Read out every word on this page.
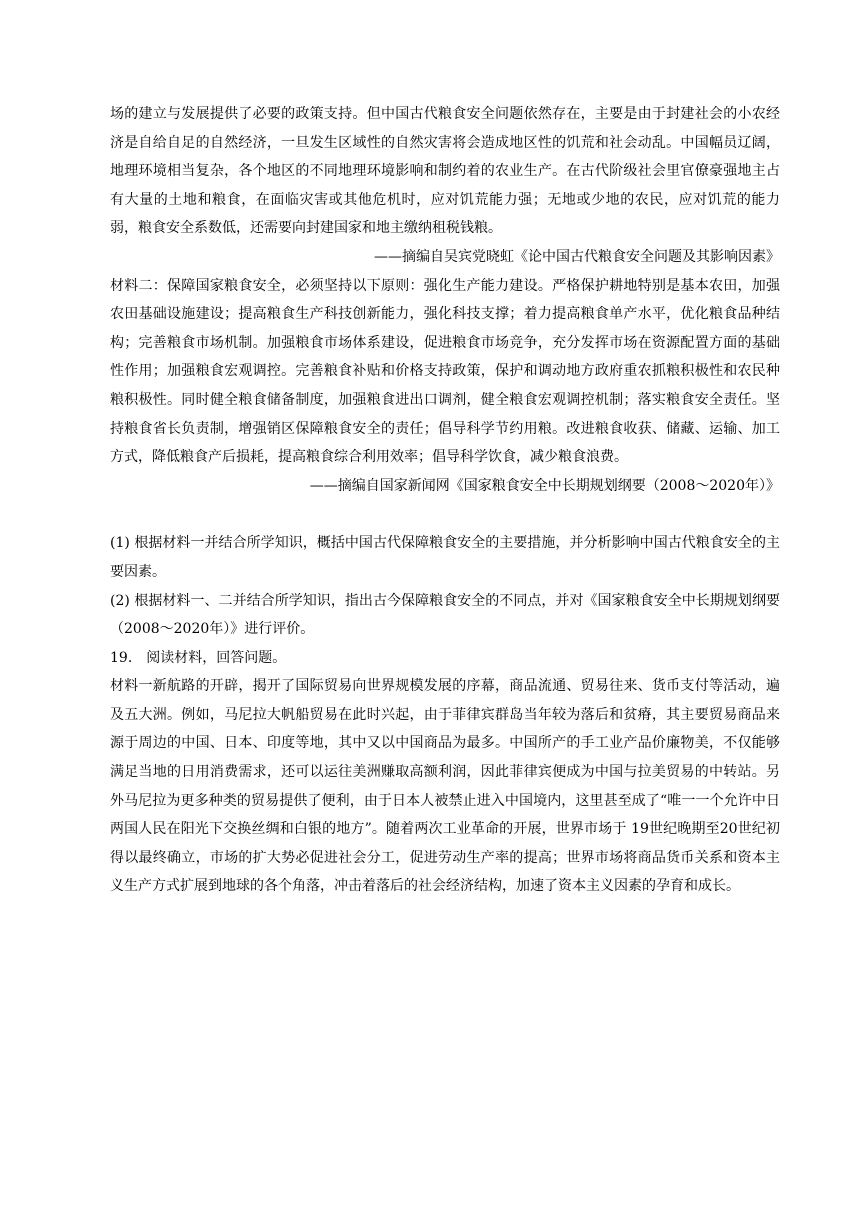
场的建立与发展提供了必要的政策支持。但中国古代粮食安全问题依然存在，主要是由于封建社会的小农经济是自给自足的自然经济，一旦发生区域性的自然灾害将会造成地区性的饥荒和社会动乱。中国幅员辽阔，地理环境相当复杂，各个地区的不同地理环境影响和制约着的农业生产。在古代阶级社会里官僚豪强地主占有大量的土地和粮食，在面临灾害或其他危机时，应对饥荒能力强；无地或少地的农民，应对饥荒的能力弱，粮食安全系数低，还需要向封建国家和地主缴纳租税钱粮。

——摘编自吴宾党晓虹《论中国古代粮食安全问题及其影响因素》

材料二：保障国家粮食安全，必须坚持以下原则：强化生产能力建设。严格保护耕地特别是基本农田，加强农田基础设施建设；提高粮食生产科技创新能力，强化科技支撑；着力提高粮食单产水平，优化粮食品种结构；完善粮食市场机制。加强粮食市场体系建设，促进粮食市场竞争，充分发挥市场在资源配置方面的基础性作用；加强粮食宏观调控。完善粮食补贴和价格支持政策，保护和调动地方政府重农抓粮积极性和农民种粮积极性。同时健全粮食储备制度，加强粮食进出口调剂，健全粮食宏观调控机制；落实粮食安全责任。坚持粮食省长负责制，增强销区保障粮食安全的责任；倡导科学节约用粮。改进粮食收获、储藏、运输、加工方式，降低粮食产后损耗，提高粮食综合利用效率；倡导科学饮食，减少粮食浪费。

——摘编自国家新闻网《国家粮食安全中长期规划纲要（2008～2020年）》

(1) 根据材料一并结合所学知识，概括中国古代保障粮食安全的主要措施，并分析影响中国古代粮食安全的主要因素。

(2) 根据材料一、二并结合所学知识，指出古今保障粮食安全的不同点，并对《国家粮食安全中长期规划纲要（2008～2020年）》进行评价。

19.　阅读材料，回答问题。

材料一新航路的开辟，揭开了国际贸易向世界规模发展的序幕，商品流通、贸易往来、货币支付等活动，遍及五大洲。例如，马尼拉大帆船贸易在此时兴起，由于菲律宾群岛当年较为落后和贫瘠，其主要贸易商品来源于周边的中国、日本、印度等地，其中又以中国商品为最多。中国所产的手工业产品价廉物美，不仅能够满足当地的日用消费需求，还可以运往美洲赚取高额利润，因此菲律宾便成为中国与拉美贸易的中转站。另外马尼拉为更多种类的贸易提供了便利，由于日本人被禁止进入中国境内，这里甚至成了“唯一一个允许中日两国人民在阳光下交换丝绸和白银的地方”。随着两次工业革命的开展，世界市场于 19世纪晚期至20世纪初得以最终确立，市场的扩大势必促进社会分工，促进劳动生产率的提高；世界市场将商品货币关系和资本主义生产方式扩展到地球的各个角落，冲击着落后的社会经济结构，加速了资本主义因素的孕育和成长。
